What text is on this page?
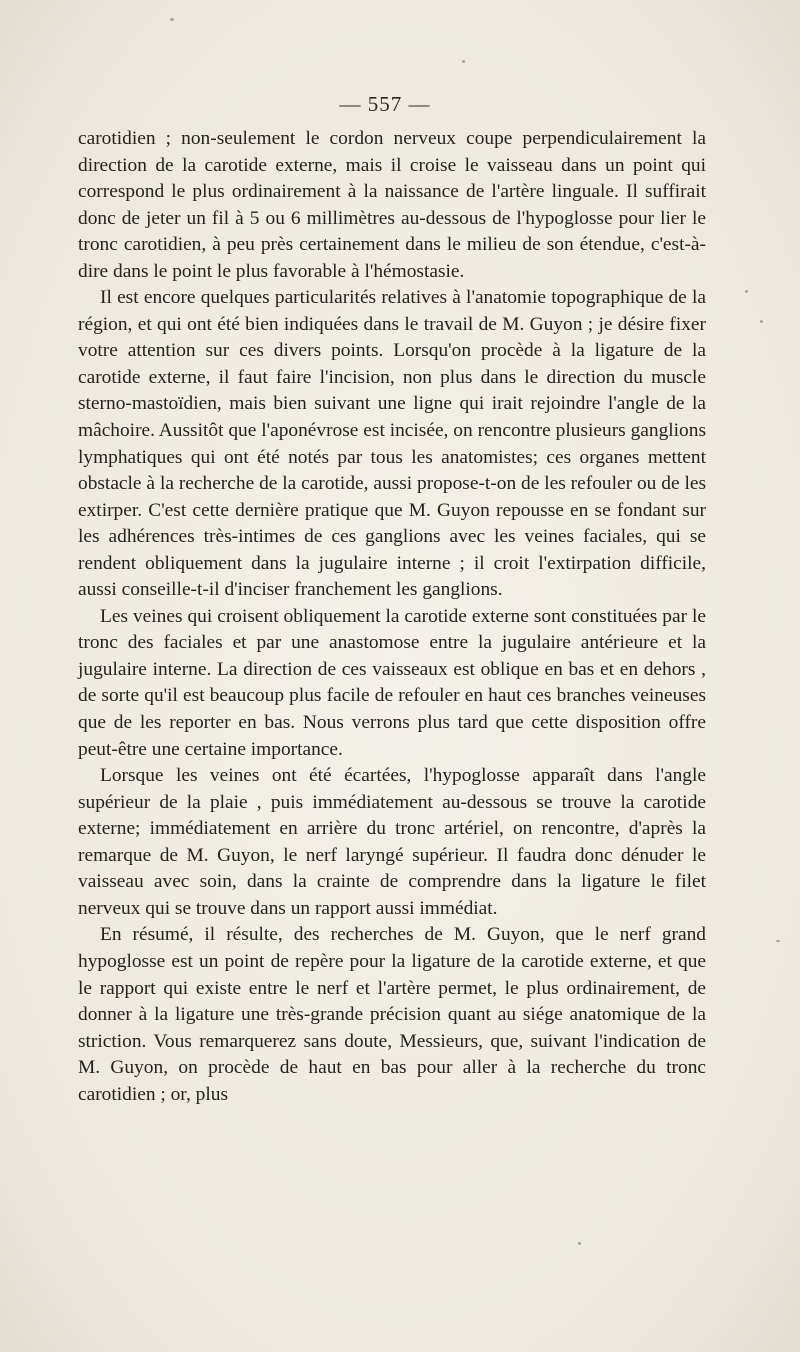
— 557 —

carotidien ; non-seulement le cordon nerveux coupe perpendiculairement la direction de la carotide externe, mais il croise le vaisseau dans un point qui correspond le plus ordinairement à la naissance de l'artère linguale. Il suffirait donc de jeter un fil à 5 ou 6 millimètres au-dessous de l'hypoglosse pour lier le tronc carotidien, à peu près certainement dans le milieu de son étendue, c'est-à-dire dans le point le plus favorable à l'hémostasie.

Il est encore quelques particularités relatives à l'anatomie topographique de la région, et qui ont été bien indiquées dans le travail de M. Guyon ; je désire fixer votre attention sur ces divers points. Lorsqu'on procède à la ligature de la carotide externe, il faut faire l'incision, non plus dans le direction du muscle sterno-mastoïdien, mais bien suivant une ligne qui irait rejoindre l'angle de la mâchoire. Aussitôt que l'aponévrose est incisée, on rencontre plusieurs ganglions lymphatiques qui ont été notés par tous les anatomistes; ces organes mettent obstacle à la recherche de la carotide, aussi propose-t-on de les refouler ou de les extirper. C'est cette dernière pratique que M. Guyon repousse en se fondant sur les adhérences très-intimes de ces ganglions avec les veines faciales, qui se rendent obliquement dans la jugulaire interne ; il croit l'extirpation difficile, aussi conseille-t-il d'inciser franchement les ganglions.

Les veines qui croisent obliquement la carotide externe sont constituées par le tronc des faciales et par une anastomose entre la jugulaire antérieure et la jugulaire interne. La direction de ces vaisseaux est oblique en bas et en dehors , de sorte qu'il est beaucoup plus facile de refouler en haut ces branches veineuses que de les reporter en bas. Nous verrons plus tard que cette disposition offre peut-être une certaine importance.

Lorsque les veines ont été écartées, l'hypoglosse apparaît dans l'angle supérieur de la plaie , puis immédiatement au-dessous se trouve la carotide externe; immédiatement en arrière du tronc artériel, on rencontre, d'après la remarque de M. Guyon, le nerf laryngé supérieur. Il faudra donc dénuder le vaisseau avec soin, dans la crainte de comprendre dans la ligature le filet nerveux qui se trouve dans un rapport aussi immédiat.

En résumé, il résulte, des recherches de M. Guyon, que le nerf grand hypoglosse est un point de repère pour la ligature de la carotide externe, et que le rapport qui existe entre le nerf et l'artère permet, le plus ordinairement, de donner à la ligature une très-grande précision quant au siége anatomique de la striction. Vous remarquerez sans doute, Messieurs, que, suivant l'indication de M. Guyon, on procède de haut en bas pour aller à la recherche du tronc carotidien ; or, plus
